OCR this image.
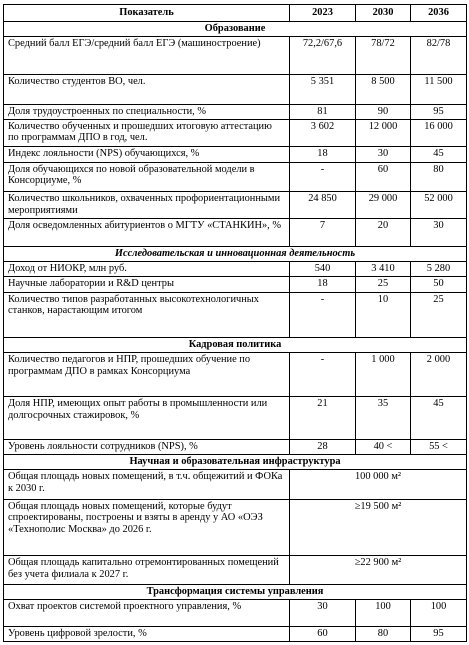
Показатель	2023	2030	2036
Образование			
Средний балл ЕГЭ/средний балл ЕГЭ (машиностроение)	72,2/67,6	78/72	82/78
Количество студентов ВО, чел.	5 351	8 500	11 500
Доля трудоустроенных по специальности, %	81	90	95
Количество обученных и прошедших итоговую аттестацию по программам ДПО в год, чел.	3 602	12 000	16 000
Индекс лояльности (NPS) обучающихся, %	18	30	45
Доля обучающихся по новой образовательной модели в Консорциуме, %	-	60	80
Количество школьников, охваченных профориентационными мероприятиями	24 850	29 000	52 000
Доля осведомленных абитуриентов о МГТУ «СТАНКИН», %	7	20	30
Исследовательская и инновационная деятельность			
Доход от НИОКР, млн руб.	540	3 410	5 280
Научные лаборатории и R&D центры	18	25	50
Количество типов разработанных высокотехнологичных станков, нарастающим итогом	-	10	25
Кадровая политика			
Количество педагогов и НПР, прошедших обучение по программам ДПО в рамках Консорциума	-	1 000	2 000
Доля НПР, имеющих опыт работы в промышленности или долгосрочных стажировок, %	21	35	45
Уровень лояльности сотрудников (NPS), %	28	40 <	55 <
Научная и образовательная инфраструктура			
Общая площадь новых помещений, в т.ч. общежитий и ФОКа к 2030 г.	100 000 м²		
Общая площадь новых помещений, которые будут спроектированы, построены и взяты в аренду у АО «ОЭЗ «Технополис Москва» до 2026 г.	≥19 500 м²		
Общая площадь капитально отремонтированных помещений без учета филиала к 2027 г.	≥22 900 м²		
Трансформация системы управления			
Охват проектов системой проектного управления, %	30	100	100
Уровень цифровой зрелости, %	60	80	95
